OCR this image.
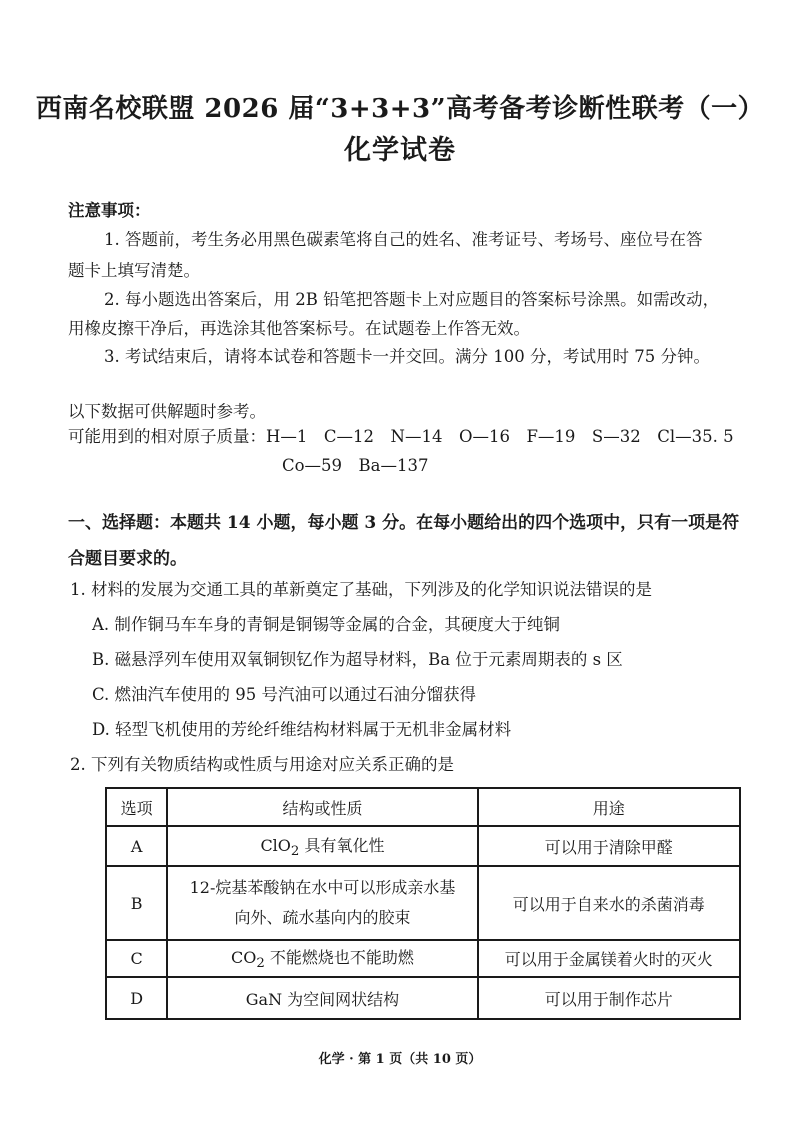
西南名校联盟 2026 届“3+3+3”高考备考诊断性联考（一）
化学试卷
注意事项：
1. 答题前，考生务必用黑色碳素笔将自己的姓名、准考证号、考场号、座位号在答
题卡上填写清楚。
2. 每小题选出答案后，用 2B 铅笔把答题卡上对应题目的答案标号涂黑。如需改动，
用橡皮擦干净后，再选涂其他答案标号。在试题卷上作答无效。
3. 考试结束后，请将本试卷和答题卡一并交回。满分 100 分，考试用时 75 分钟。
以下数据可供解题时参考。
可能用到的相对原子质量：H—1　C—12　N—14　O—16　F—19　S—32　Cl—35. 5
Co—59　Ba—137
一、选择题：本题共 14 小题，每小题 3 分。在每小题给出的四个选项中，只有一项是符
合题目要求的。
1. 材料的发展为交通工具的革新奠定了基础，下列涉及的化学知识说法错误的是
A. 制作铜马车车身的青铜是铜锡等金属的合金，其硬度大于纯铜
B. 磁悬浮列车使用双氧铜钡钇作为超导材料，Ba 位于元素周期表的 s 区
C. 燃油汽车使用的 95 号汽油可以通过石油分馏获得
D. 轻型飞机使用的芳纶纤维结构材料属于无机非金属材料
2. 下列有关物质结构或性质与用途对应关系正确的是
选项	结构或性质	用途
A	ClO$_2$ 具有氧化性	可以用于清除甲醛
B	12-烷基苯酸钠在水中可以形成亲水基
向外、疏水基向内的胶束	可以用于自来水的杀菌消毒
C	$CO_2$ 不能燃烧也不能助燃	可以用于金属镁着火时的灭火
D	GaN 为空间网状结构	可以用于制作芯片
化学 · 第 1 页（共 10 页）
